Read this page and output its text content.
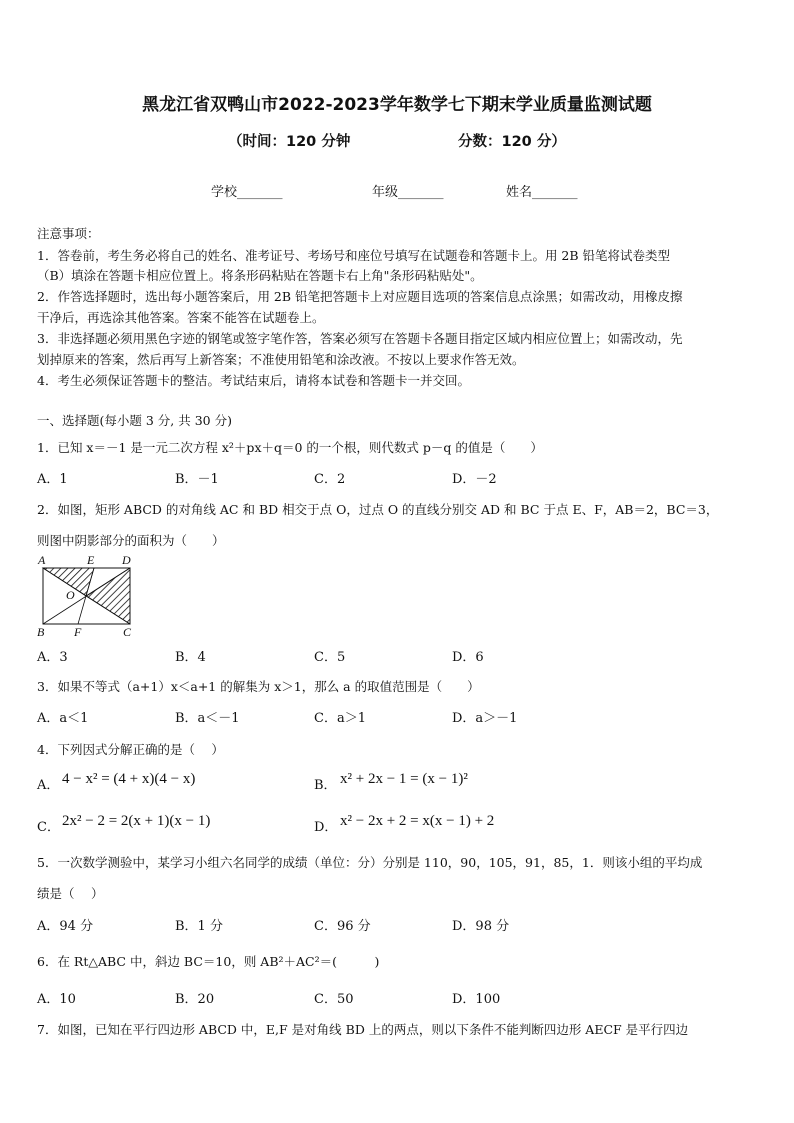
黑龙江省双鸭山市2022-2023学年数学七下期末学业质量监测试题
（时间：120 分钟	分数：120 分）
学校_______	年级_______	姓名_______
注意事项：
1．答卷前，考生务必将自己的姓名、准考证号、考场号和座位号填写在试题卷和答题卡上。用 2B 铅笔将试卷类型
（B）填涂在答题卡相应位置上。将条形码粘贴在答题卡右上角"条形码粘贴处"。
2．作答选择题时，选出每小题答案后，用 2B 铅笔把答题卡上对应题目选项的答案信息点涂黑；如需改动，用橡皮擦
干净后，再选涂其他答案。答案不能答在试题卷上。
3．非选择题必须用黑色字迹的钢笔或签字笔作答，答案必须写在答题卡各题目指定区域内相应位置上；如需改动，先
划掉原来的答案，然后再写上新答案；不准使用铅笔和涂改液。不按以上要求作答无效。
4．考生必须保证答题卡的整洁。考试结束后，请将本试卷和答题卡一并交回。
一、选择题(每小题 3 分, 共 30 分)
1．已知 x＝－1 是一元二次方程 x²＋px＋q＝0 的一个根，则代数式 p－q 的值是（　　）
A．1	B．－1	C．2	D．－2
2．如图，矩形 ABCD 的对角线 AC 和 BD 相交于点 O，过点 O 的直线分别交 AD 和 BC 于点 E、F，AB＝2，BC＝3，
则图中阴影部分的面积为（　　）
A	E D
O
B F	C
A．3	B．4	C．5	D．6
3．如果不等式（a+1）x＜a+1 的解集为 x＞1，那么 a 的取值范围是（　　）
A．a＜1	B．a＜－1	C．a＞1	D．a＞－1
4．下列因式分解正确的是（　 ）
A． 4 − x² = (4 + x)(4 − x)	B． x² + 2x − 1 = (x − 1)²
C． 2x² − 2 = 2(x + 1)(x − 1)	D． x² − 2x + 2 = x(x − 1) + 2
5．一次数学测验中，某学习小组六名同学的成绩（单位：分）分别是 110，90，105，91，85，1．则该小组的平均成
绩是（　 ）
A．94 分	B．1 分	C．96 分	D．98 分
6．在 Rt△ABC 中，斜边 BC＝10，则 AB²＋AC²＝(　　　)
A．10	B．20	C．50	D．100
7．如图，已知在平行四边形 ABCD 中，E,F 是对角线 BD 上的两点，则以下条件不能判断四边形 AECF 是平行四边
